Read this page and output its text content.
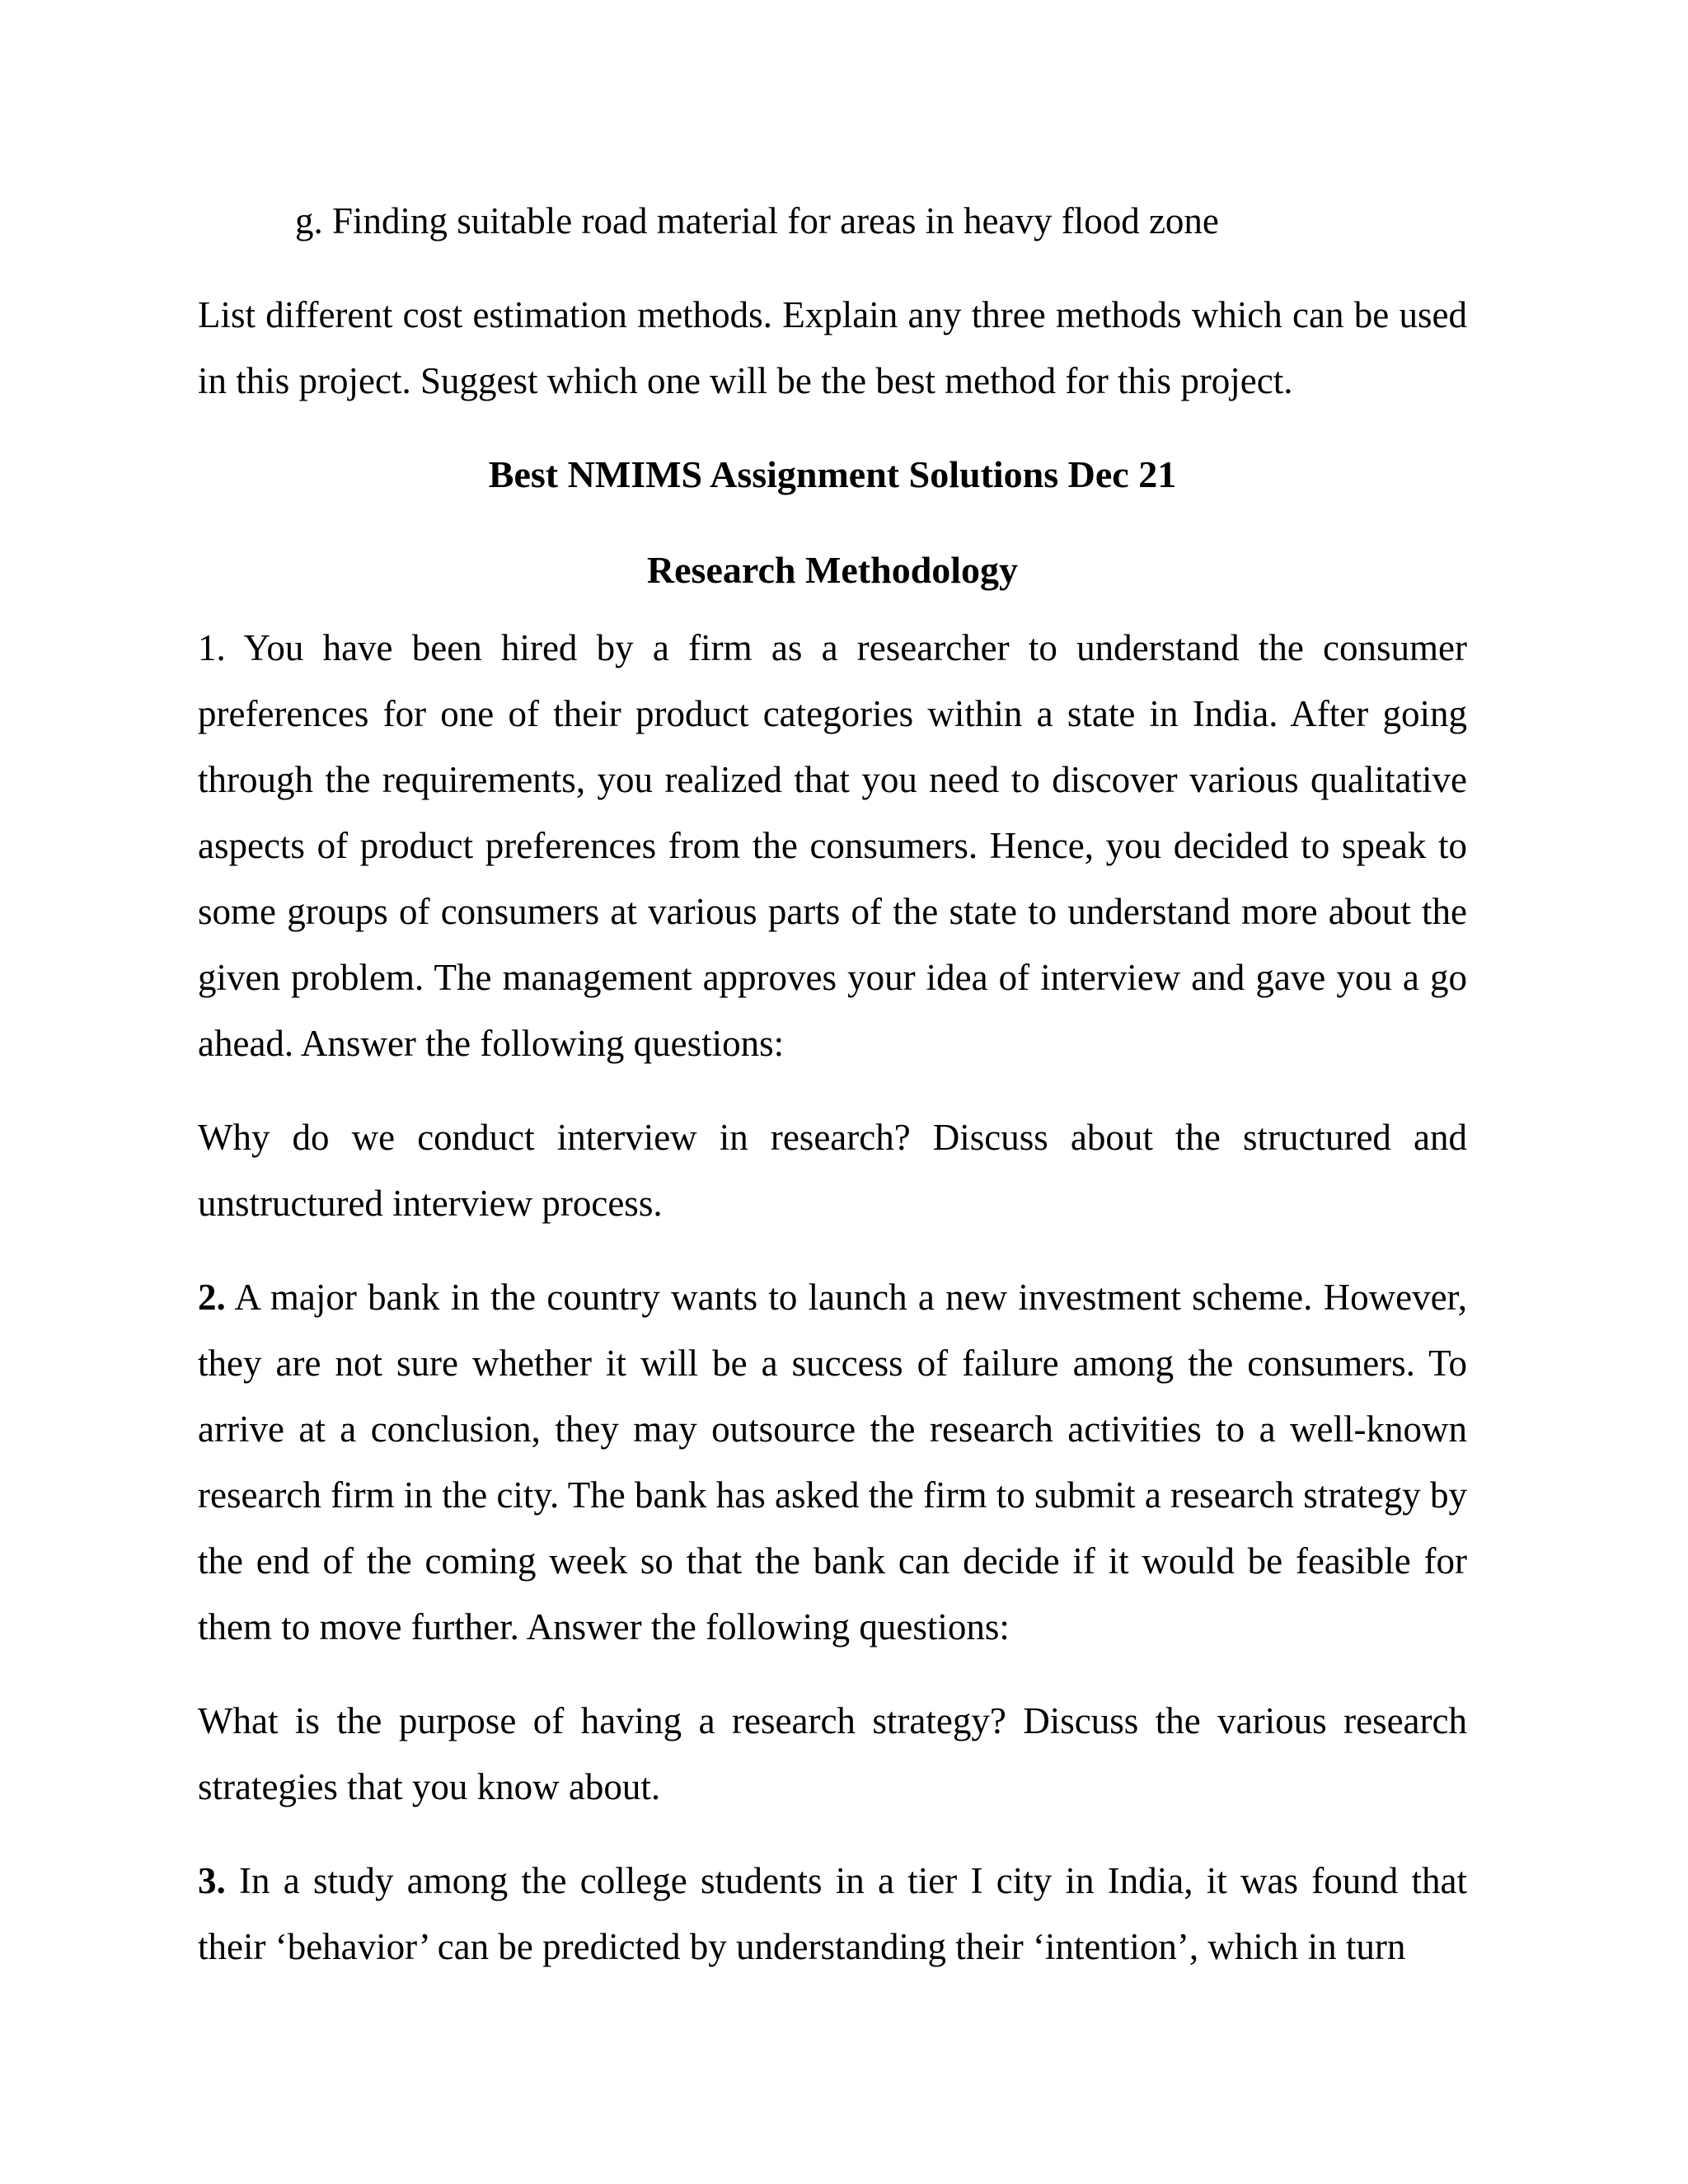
g. Finding suitable road material for areas in heavy flood zone

List different cost estimation methods. Explain any three methods which can be used in this project. Suggest which one will be the best method for this project.

Best NMIMS Assignment Solutions Dec 21
Research Methodology

1. You have been hired by a firm as a researcher to understand the consumer preferences for one of their product categories within a state in India. After going through the requirements, you realized that you need to discover various qualitative aspects of product preferences from the consumers. Hence, you decided to speak to some groups of consumers at various parts of the state to understand more about the given problem. The management approves your idea of interview and gave you a go ahead. Answer the following questions:

Why do we conduct interview in research? Discuss about the structured and unstructured interview process.

2. A major bank in the country wants to launch a new investment scheme. However, they are not sure whether it will be a success of failure among the consumers. To arrive at a conclusion, they may outsource the research activities to a well-known research firm in the city. The bank has asked the firm to submit a research strategy by the end of the coming week so that the bank can decide if it would be feasible for them to move further. Answer the following questions:

What is the purpose of having a research strategy? Discuss the various research strategies that you know about.

3. In a study among the college students in a tier I city in India, it was found that their ‘behavior’ can be predicted by understanding their ‘intention’, which in turn
